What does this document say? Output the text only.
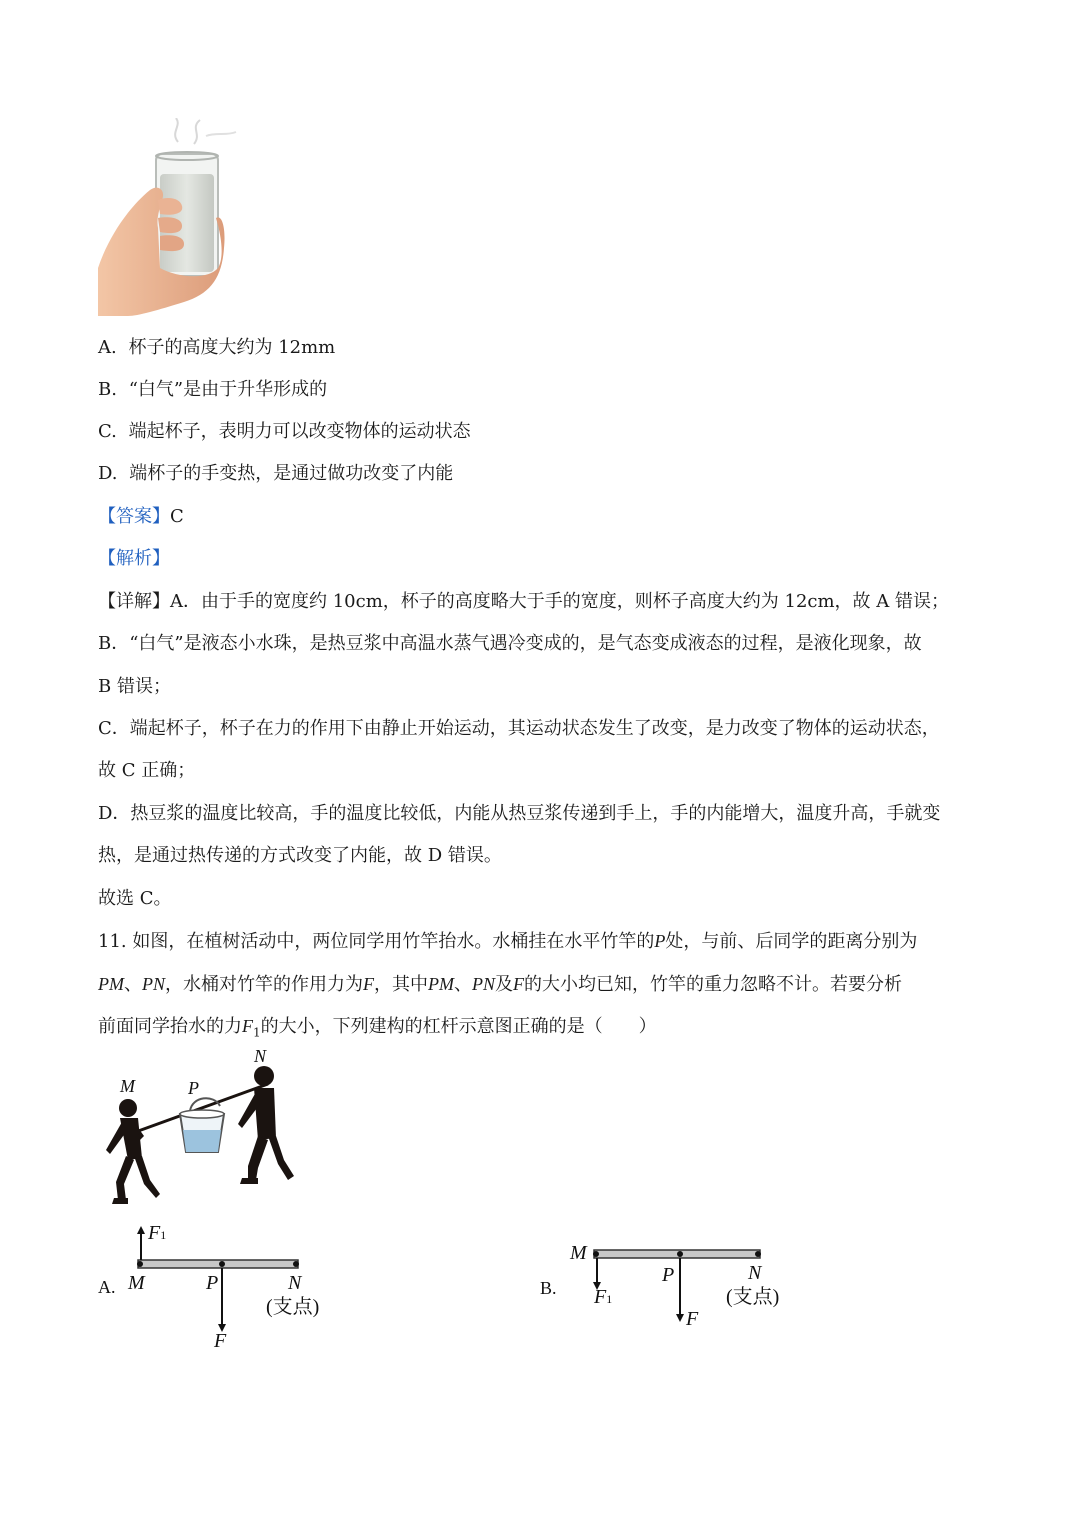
A. 杯子的高度大约为 12mm
B. “白气”是由于升华形成的
C. 端起杯子，表明力可以改变物体的运动状态
D. 端杯子的手变热，是通过做功改变了内能
【答案】C
【解析】
【详解】A．由于手的宽度约 10cm，杯子的高度略大于手的宽度，则杯子高度大约为 12cm，故 A 错误；
B．“白气”是液态小水珠，是热豆浆中高温水蒸气遇冷变成的，是气态变成液态的过程，是液化现象，故
B 错误；
C．端起杯子，杯子在力的作用下由静止开始运动，其运动状态发生了改变，是力改变了物体的运动状态，
故 C 正确；
D．热豆浆的温度比较高，手的温度比较低，内能从热豆浆传递到手上，手的内能增大，温度升高，手就变
热，是通过热传递的方式改变了内能，故 D 错误。
故选 C。
11. 如图，在植树活动中，两位同学用竹竿抬水。水桶挂在水平竹竿的P处，与前、后同学的距离分别为
PM、PN，水桶对竹竿的作用力为F，其中PM、PN及F的大小均已知，竹竿的重力忽略不计。若要分析
前面同学抬水的力$F_1$的大小，下列建构的杠杆示意图正确的是（　　）
M	P
N
A.
F1
M	P	N
(支点)
F
B.
M
F1
P	N
(支点)
F
